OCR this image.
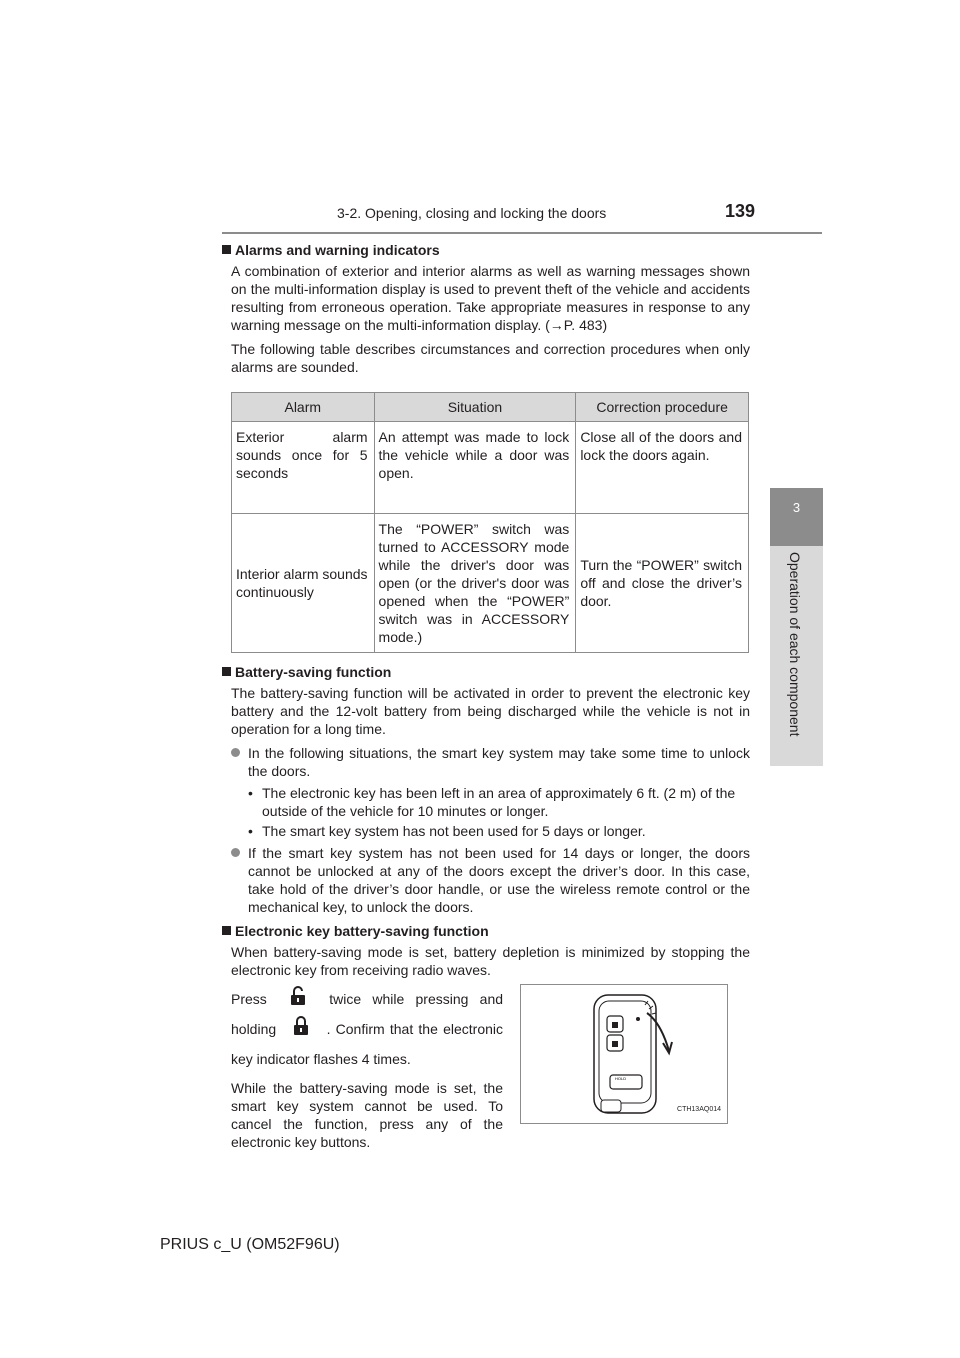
3-2. Opening, closing and locking the doors	139
3
Operation of each component
Alarms and warning indicators
A combination of exterior and interior alarms as well as warning messages shown on the multi-information display is used to prevent theft of the vehicle and accidents resulting from erroneous operation. Take appropriate measures in response to any warning message on the multi-information display. (→P. 483)
The following table describes circumstances and correction procedures when only alarms are sounded.
Alarm	Situation	Correction procedure
Exterior alarm sounds once for 5 seconds	An attempt was made to lock the vehicle while a door was open.	Close all of the doors and lock the doors again.
Interior alarm sounds continuously	The “POWER” switch was turned to ACCESSORY mode while the driver's door was open (or the driver's door was opened when the “POWER” switch was in ACCESSORY mode.)	Turn the “POWER” switch off and close the driver’s door.
Battery-saving function
The battery-saving function will be activated in order to prevent the electronic key battery and the 12-volt battery from being discharged while the vehicle is not in operation for a long time.
In the following situations, the smart key system may take some time to unlock the doors.
• The electronic key has been left in an area of approximately 6 ft. (2 m) of the outside of the vehicle for 10 minutes or longer.
• The smart key system has not been used for 5 days or longer.
If the smart key system has not been used for 14 days or longer, the doors cannot be unlocked at any of the doors except the driver’s door. In this case, take hold of the driver’s door handle, or use the wireless remote control or the mechanical key, to unlock the doors.
Electronic key battery-saving function
When battery-saving mode is set, battery depletion is minimized by stopping the electronic key from receiving radio waves.
Press	twice while pressing and holding	. Confirm that the electronic key indicator flashes 4 times.
While the battery-saving mode is set, the smart key system cannot be used. To cancel the function, press any of the electronic key buttons.
HOLD
CTH13AQ014
PRIUS c_U (OM52F96U)
